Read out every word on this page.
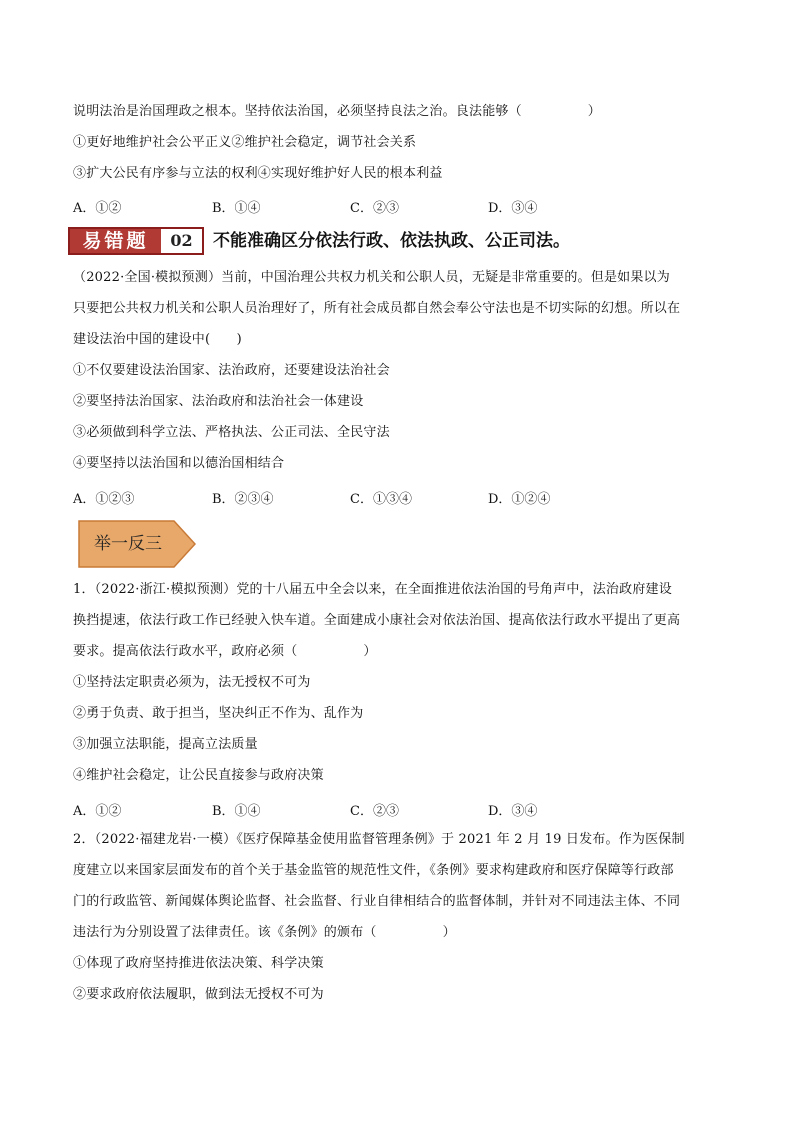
说明法治是治国理政之根本。坚持依法治国，必须坚持良法之治。良法能够（　　　　　）
①更好地维护社会公平正义②维护社会稳定，调节社会关系
③扩大公民有序参与立法的权利④实现好维护好人民的根本利益
A．①②	B．①④	C．②③	D．③④
易错题	02	不能准确区分依法行政、依法执政、公正司法。
（2022·全国·模拟预测）当前，中国治理公共权力机关和公职人员，无疑是非常重要的。但是如果以为
只要把公共权力机关和公职人员治理好了，所有社会成员都自然会奉公守法也是不切实际的幻想。所以在
建设法治中国的建设中(　　)
①不仅要建设法治国家、法治政府，还要建设法治社会
②要坚持法治国家、法治政府和法治社会一体建设
③必须做到科学立法、严格执法、公正司法、全民守法
④要坚持以法治国和以德治国相结合
A．①②③	B．②③④	C．①③④	D．①②④
举一反三
1．（2022·浙江·模拟预测）党的十八届五中全会以来，在全面推进依法治国的号角声中，法治政府建设
换挡提速，依法行政工作已经驶入快车道。全面建成小康社会对依法治国、提高依法行政水平提出了更高
要求。提高依法行政水平，政府必须（　　　　　）
①坚持法定职责必须为，法无授权不可为
②勇于负责、敢于担当，坚决纠正不作为、乱作为
③加强立法职能，提高立法质量
④维护社会稳定，让公民直接参与政府决策
A．①②	B．①④	C．②③	D．③④
2．（2022·福建龙岩·一模）《医疗保障基金使用监督管理条例》于 2021 年 2 月 19 日发布。作为医保制
度建立以来国家层面发布的首个关于基金监管的规范性文件，《条例》要求构建政府和医疗保障等行政部
门的行政监管、新闻媒体舆论监督、社会监督、行业自律相结合的监督体制，并针对不同违法主体、不同
违法行为分别设置了法律责任。该《条例》的颁布（　　　　　）
①体现了政府坚持推进依法决策、科学决策
②要求政府依法履职，做到法无授权不可为
